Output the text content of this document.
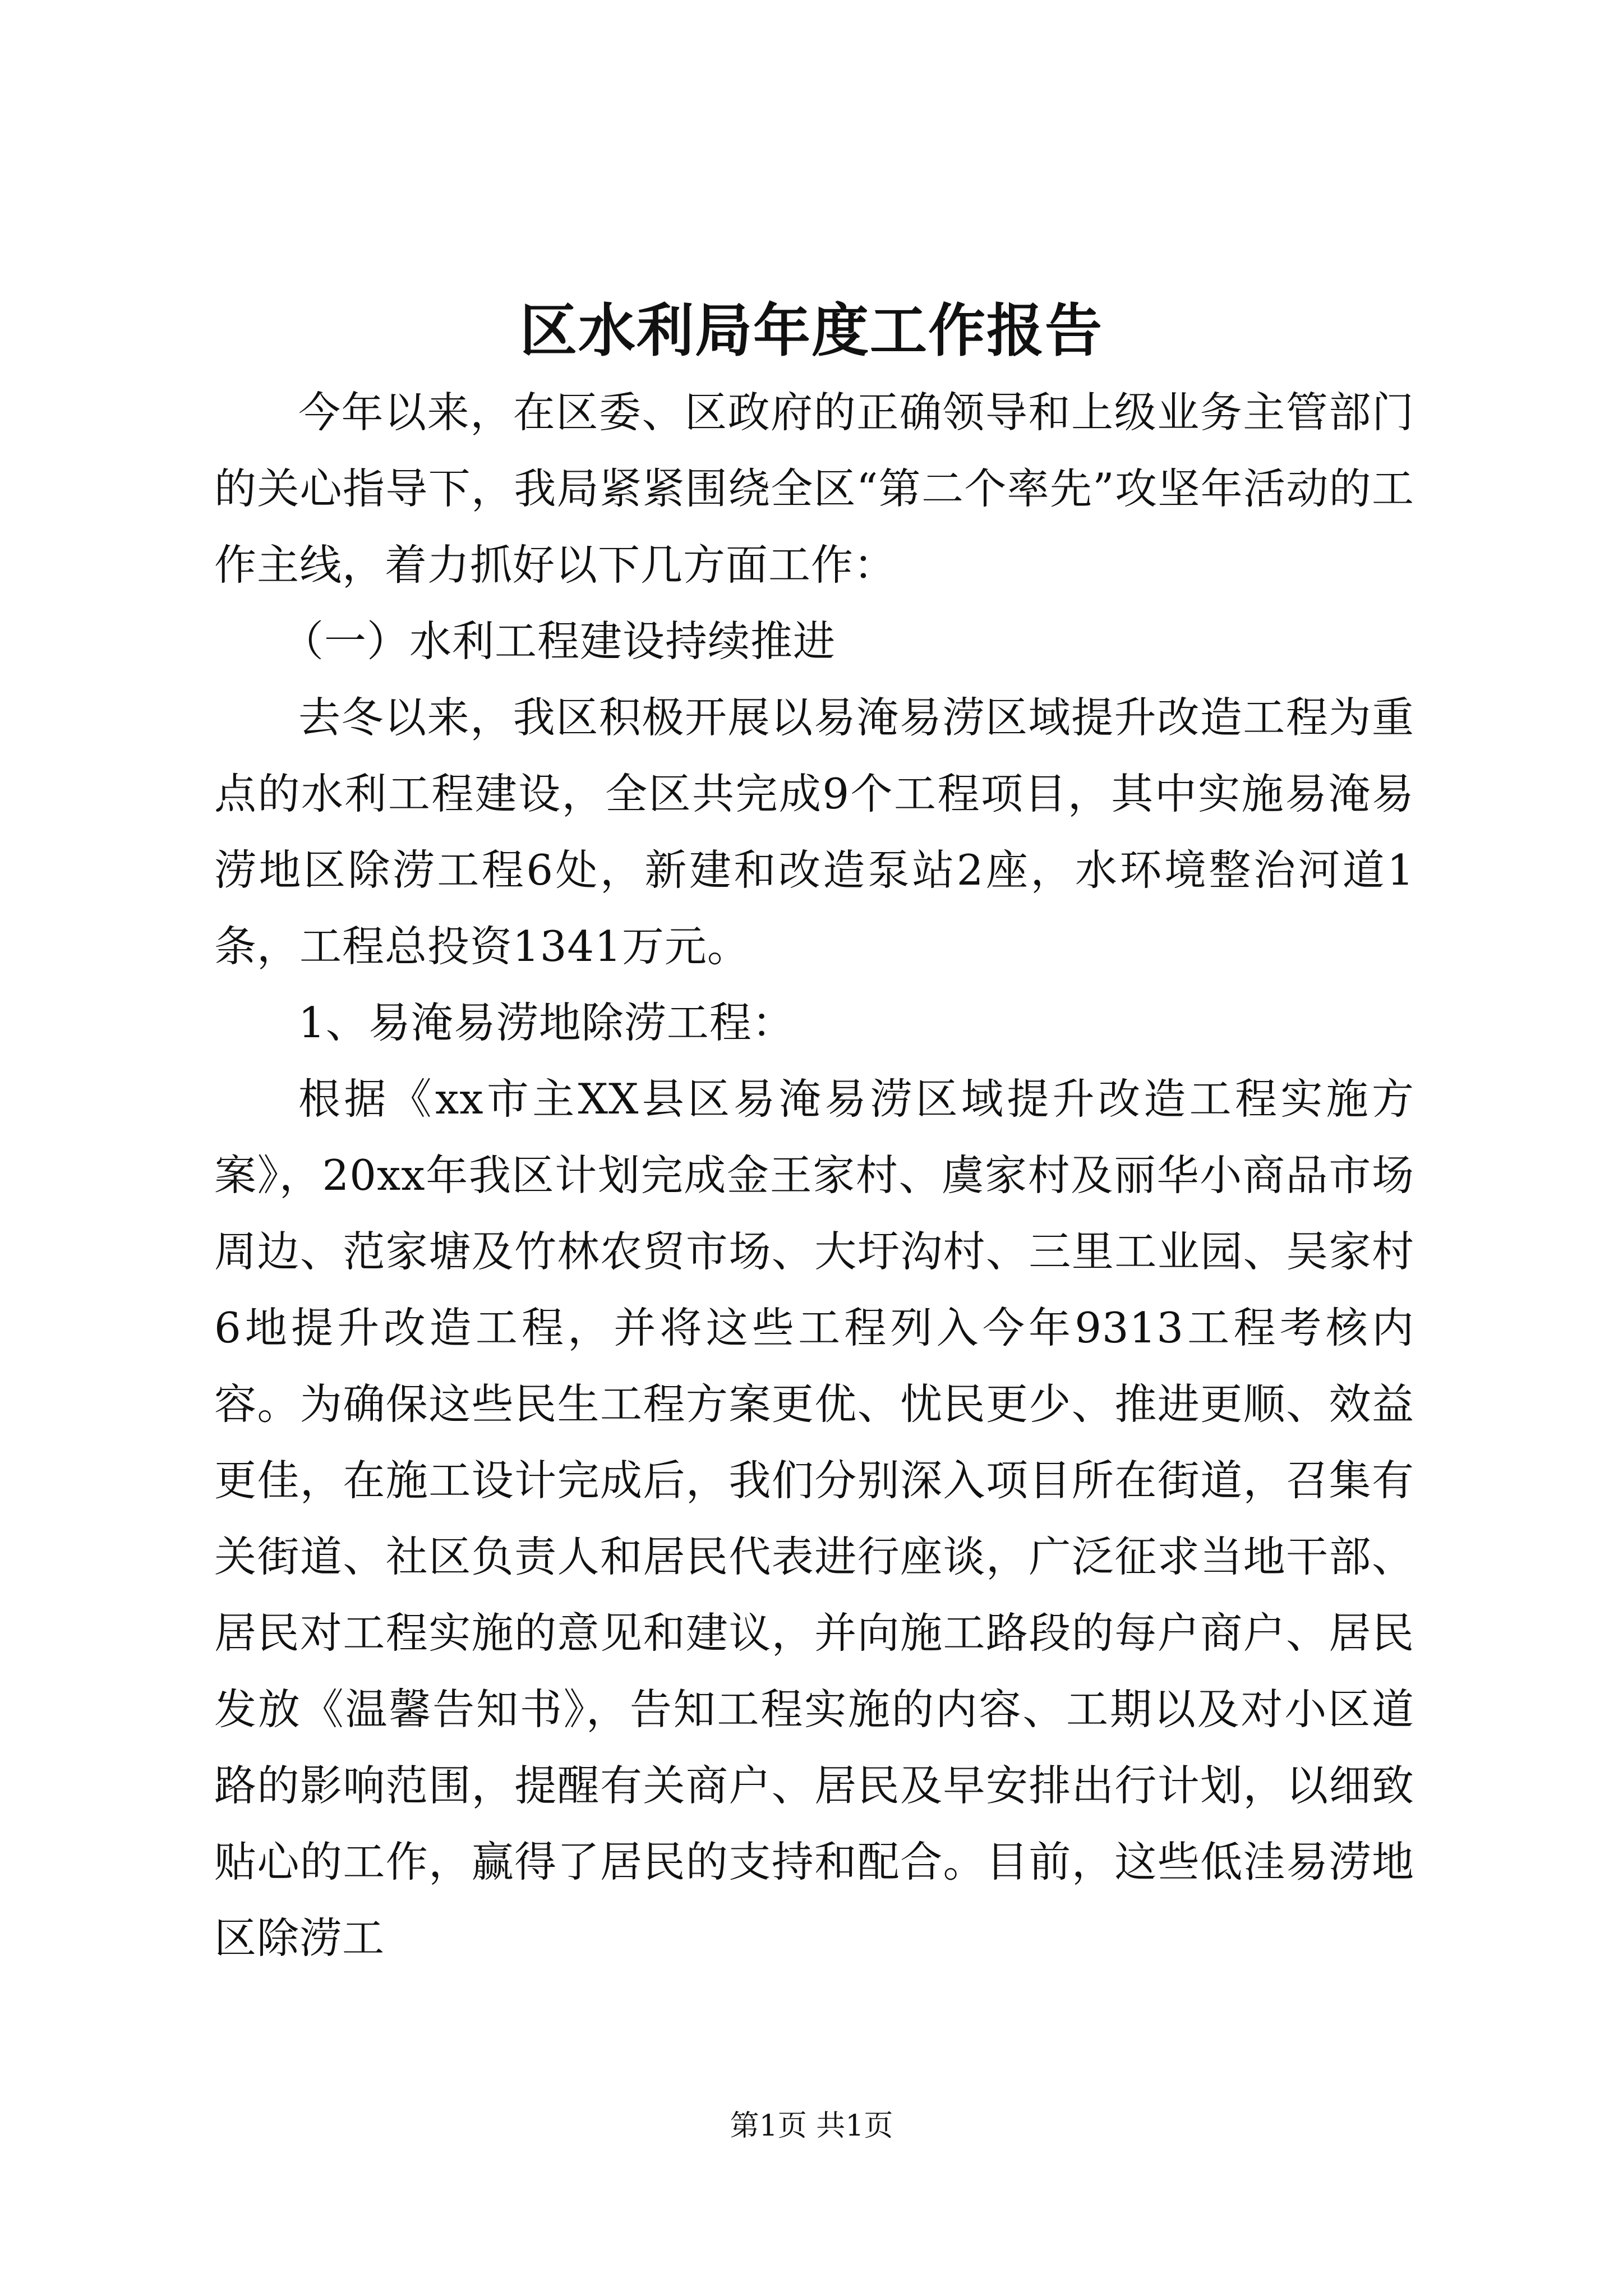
区水利局年度工作报告

今年以来，在区委、区政府的正确领导和上级业务主管部门的关心指导下，我局紧紧围绕全区“第二个率先”攻坚年活动的工作主线，着力抓好以下几方面工作：

（一）水利工程建设持续推进

去冬以来，我区积极开展以易淹易涝区域提升改造工程为重点的水利工程建设，全区共完成9个工程项目，其中实施易淹易涝地区除涝工程6处，新建和改造泵站2座，水环境整治河道1条，工程总投资1341万元。

1、易淹易涝地除涝工程：

根据《xx市主XX县区易淹易涝区域提升改造工程实施方案》，20xx年我区计划完成金王家村、虞家村及丽华小商品市场周边、范家塘及竹林农贸市场、大圩沟村、三里工业园、吴家村6地提升改造工程，并将这些工程列入今年9313工程考核内容。为确保这些民生工程方案更优、忧民更少、推进更顺、效益更佳，在施工设计完成后，我们分别深入项目所在街道，召集有关街道、社区负责人和居民代表进行座谈，广泛征求当地干部、居民对工程实施的意见和建议，并向施工路段的每户商户、居民发放《温馨告知书》，告知工程实施的内容、工期以及对小区道路的影响范围，提醒有关商户、居民及早安排出行计划，以细致贴心的工作，赢得了居民的支持和配合。目前，这些低洼易涝地区除涝工

第1页 共1页
